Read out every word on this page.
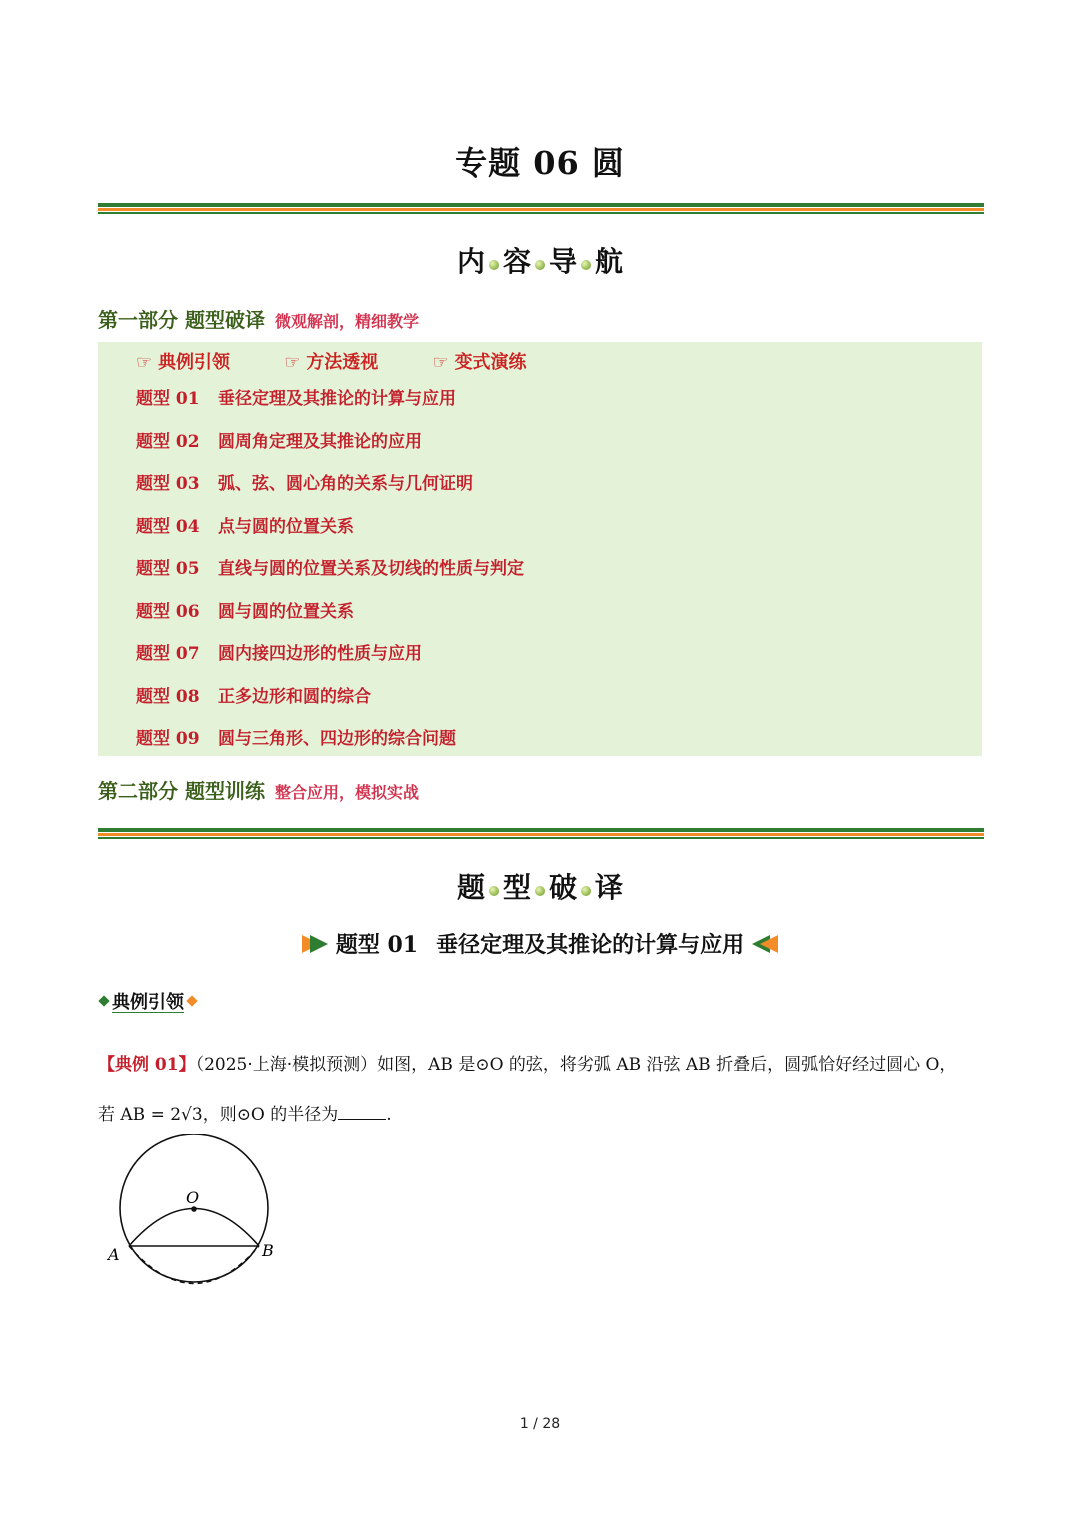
专题 06 圆
内 容 导 航
第一部分 题型破译 微观解剖，精细教学
☞ 典例引领	☞ 方法透视	☞ 变式演练
题型 01 垂径定理及其推论的计算与应用
题型 02 圆周角定理及其推论的应用
题型 03 弧、弦、圆心角的关系与几何证明
题型 04 点与圆的位置关系
题型 05 直线与圆的位置关系及切线的性质与判定
题型 06 圆与圆的位置关系
题型 07 圆内接四边形的性质与应用
题型 08 正多边形和圆的综合
题型 09 圆与三角形、四边形的综合问题
第二部分 题型训练 整合应用，模拟实战
题 型 破 译
题型 01 垂径定理及其推论的计算与应用
典例引领
【典例 01】（2025·上海·模拟预测）如图，AB 是⊙O 的弦，将劣弧 AB 沿弦 AB 折叠后，圆弧恰好经过圆心 O，
若 AB = 2√3，则⊙O 的半径为	.
O
A	B
1 / 28
